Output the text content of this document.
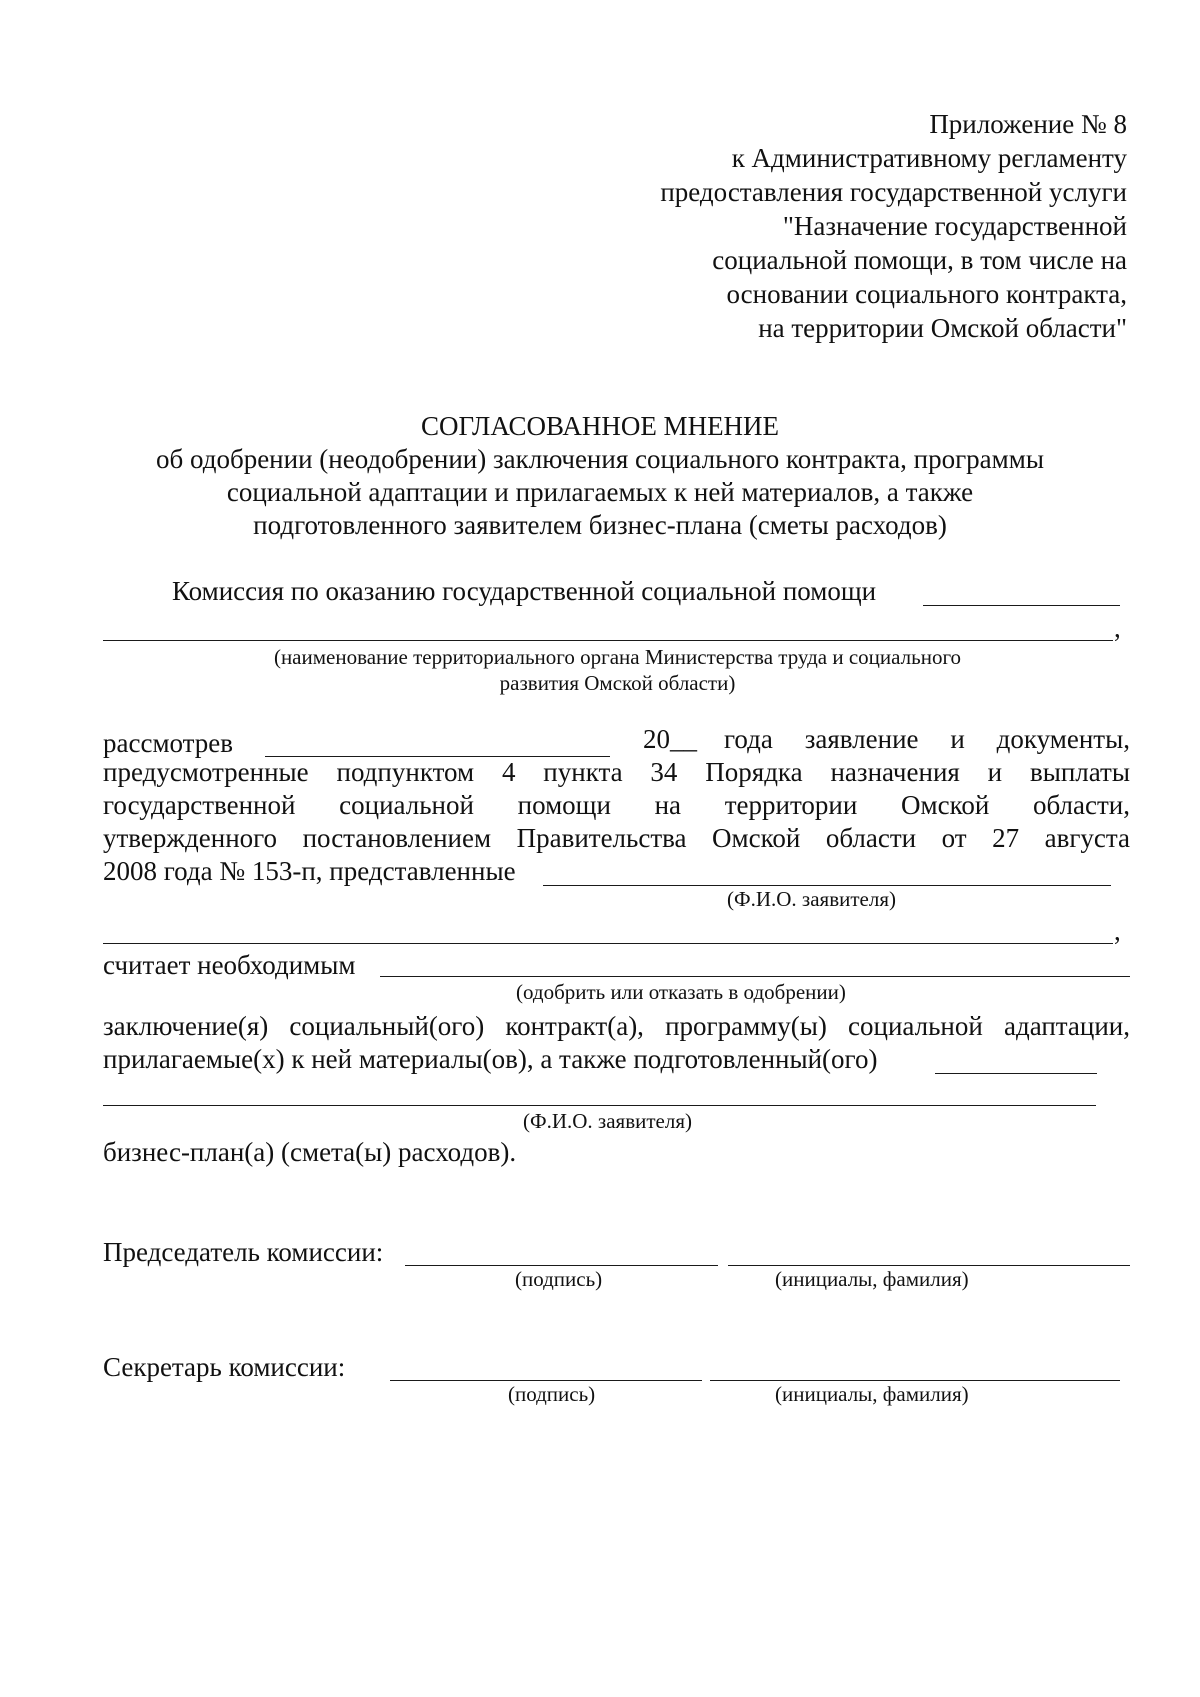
Приложение № 8
к Административному регламенту
предоставления государственной услуги
"Назначение государственной
социальной помощи, в том числе на
основании социального контракта,
на территории Омской области"
СОГЛАСОВАННОЕ МНЕНИЕ
об одобрении (неодобрении) заключения социального контракта, программы
социальной адаптации и прилагаемых к ней материалов, а также
подготовленного заявителем бизнес-плана (сметы расходов)
Комиссия по оказанию государственной социальной помощи
,
(наименование территориального органа Министерства труда и социального
развития Омской области)
рассмотрев	20__ года заявление и документы,
предусмотренные подпунктом 4 пункта 34 Порядка назначения и выплаты
государственной социальной помощи на территории Омской области,
утвержденного постановлением Правительства Омской области от 27 августа
2008 года № 153-п, представленные
(Ф.И.О. заявителя)
,
считает необходимым
(одобрить или отказать в одобрении)
заключение(я) социальный(ого) контракт(а), программу(ы) социальной адаптации,
прилагаемые(х) к ней материалы(ов), а также подготовленный(ого)
(Ф.И.О. заявителя)
бизнес-план(а) (смета(ы) расходов).
Председатель комиссии:
(подпись)	(инициалы, фамилия)
Секретарь комиссии:
(подпись)	(инициалы, фамилия)
